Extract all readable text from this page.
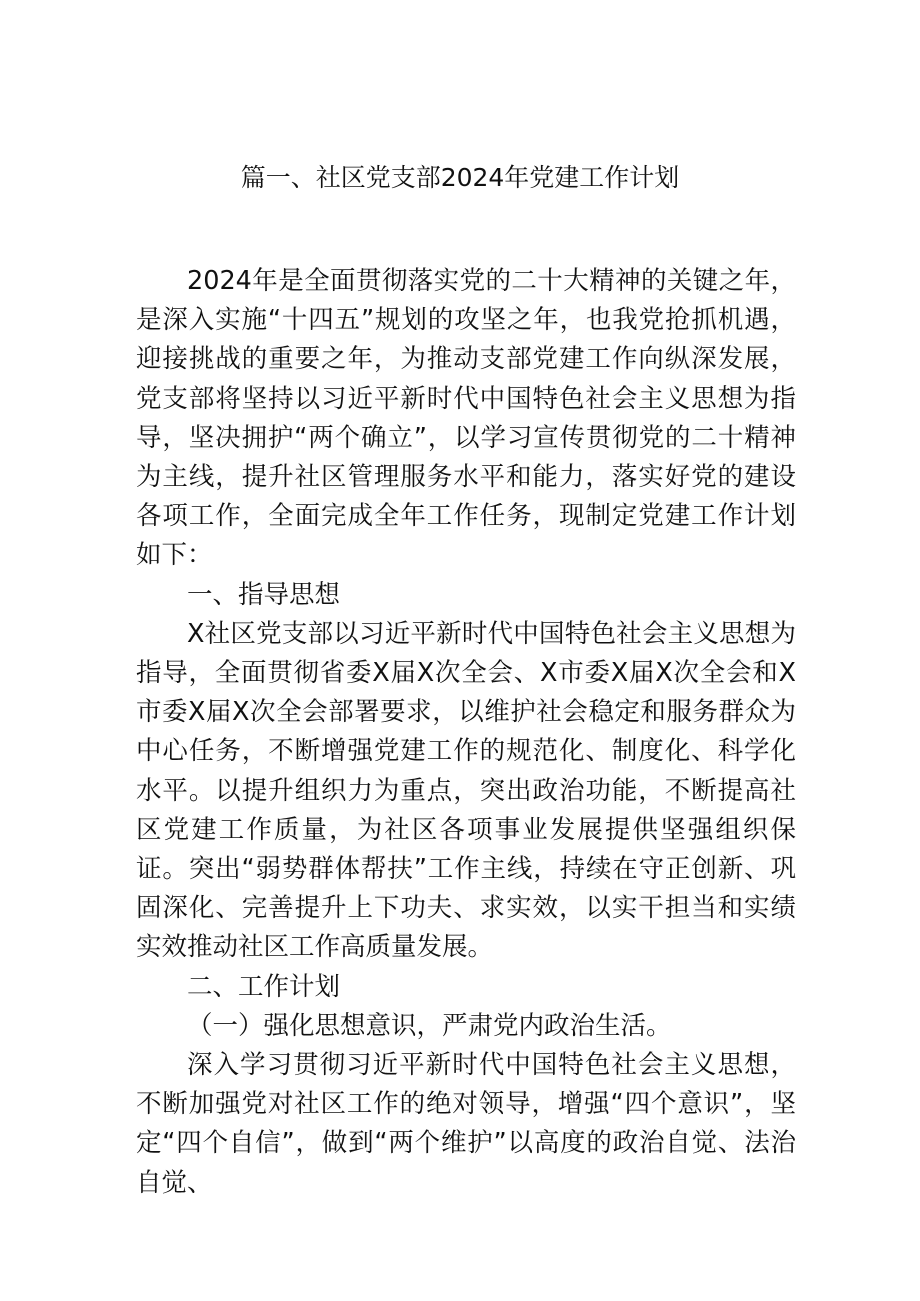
篇一、社区党支部2024年党建工作计划

2024年是全面贯彻落实党的二十大精神的关键之年，是深入实施“十四五”规划的攻坚之年，也我党抢抓机遇，迎接挑战的重要之年，为推动支部党建工作向纵深发展，党支部将坚持以习近平新时代中国特色社会主义思想为指导，坚决拥护“两个确立”，以学习宣传贯彻党的二十精神为主线，提升社区管理服务水平和能力，落实好党的建设各项工作，全面完成全年工作任务，现制定党建工作计划如下：

一、指导思想

X社区党支部以习近平新时代中国特色社会主义思想为指导，全面贯彻省委X届X次全会、X市委X届X次全会和X市委X届X次全会部署要求，以维护社会稳定和服务群众为中心任务，不断增强党建工作的规范化、制度化、科学化水平。以提升组织力为重点，突出政治功能，不断提高社区党建工作质量，为社区各项事业发展提供坚强组织保证。突出“弱势群体帮扶”工作主线，持续在守正创新、巩固深化、完善提升上下功夫、求实效，以实干担当和实绩实效推动社区工作高质量发展。

二、工作计划

（一）强化思想意识，严肃党内政治生活。

深入学习贯彻习近平新时代中国特色社会主义思想，不断加强党对社区工作的绝对领导，增强“四个意识”，坚定“四个自信”，做到“两个维护”以高度的政治自觉、法治自觉、
